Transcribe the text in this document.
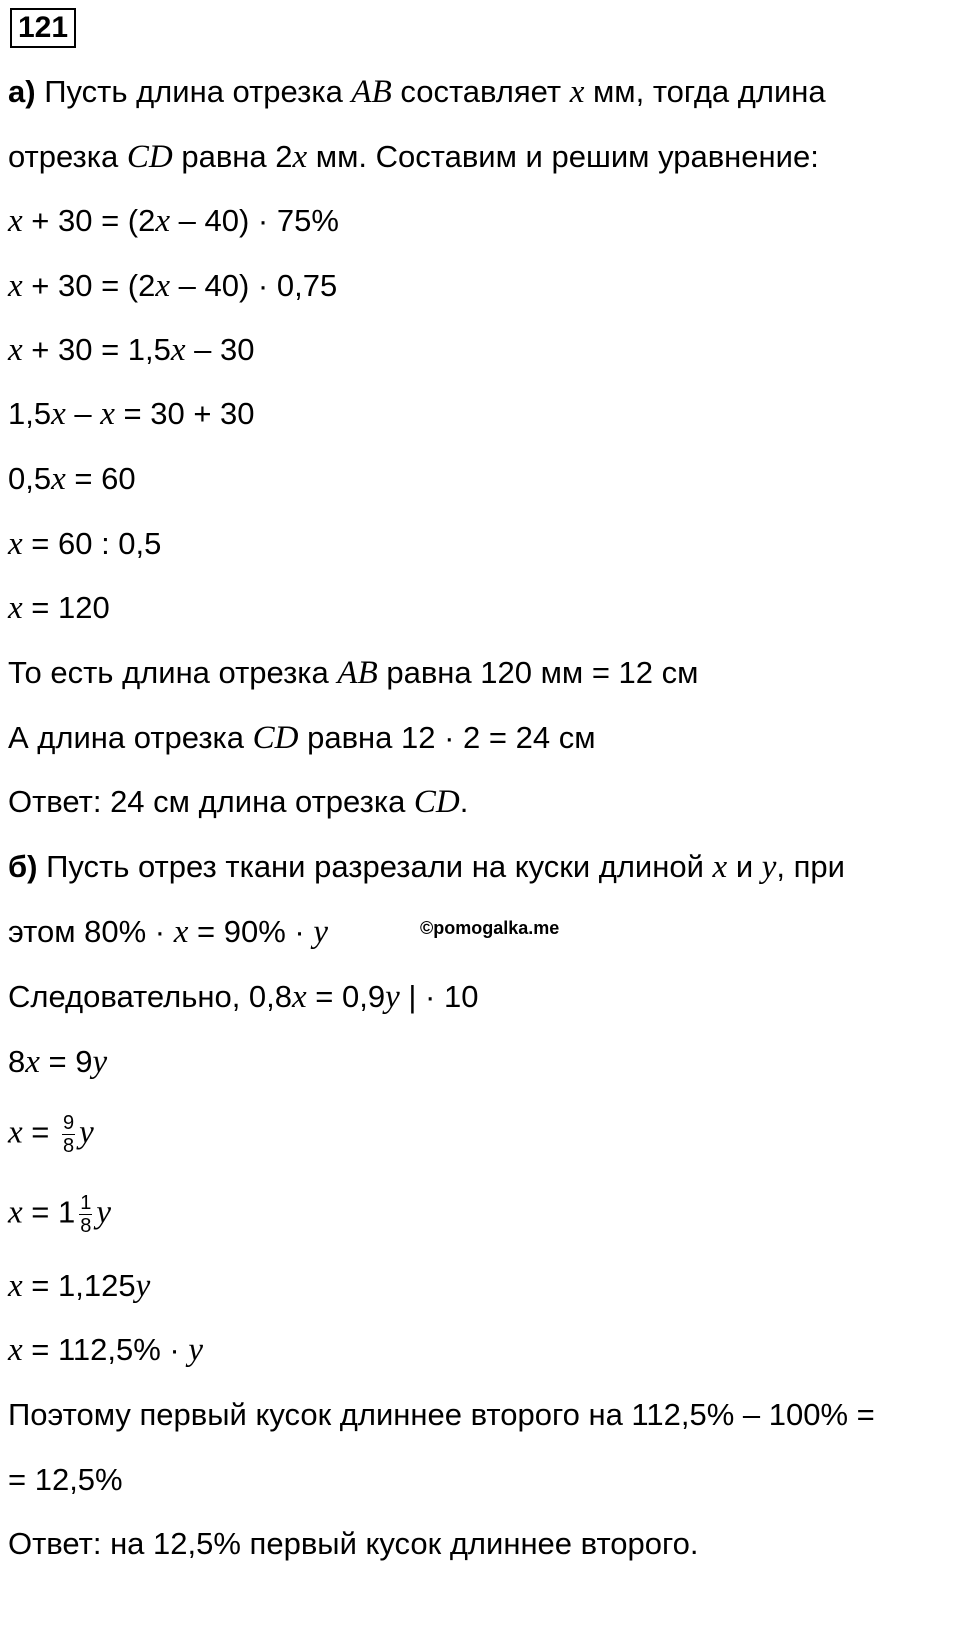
121
а) Пусть длина отрезка AB составляет x мм, тогда длина
отрезка CD равна 2x мм. Составим и решим уравнение:
x + 30 = (2x – 40) · 75%
x + 30 = (2x – 40) · 0,75
x + 30 = 1,5x – 30
1,5x – x = 30 + 30
0,5x = 60
x = 60 : 0,5
x = 120
То есть длина отрезка AB равна 120 мм = 12 см
А длина отрезка CD равна 12 · 2 = 24 см
Ответ: 24 см длина отрезка CD.
б) Пусть отрез ткани разрезали на куски длиной x и y, при
этом 80% · x = 90% · y	©pomogalka.me
Следовательно, 0,8x = 0,9y | · 10
8x = 9y
$x = \frac{9}{8}$ y
$x = 1 \frac{1}{8}$ y
x = 1,125y
x = 112,5% · y
Поэтому первый кусок длиннее второго на 112,5% – 100% =
= 12,5%
Ответ: на 12,5% первый кусок длиннее второго.
